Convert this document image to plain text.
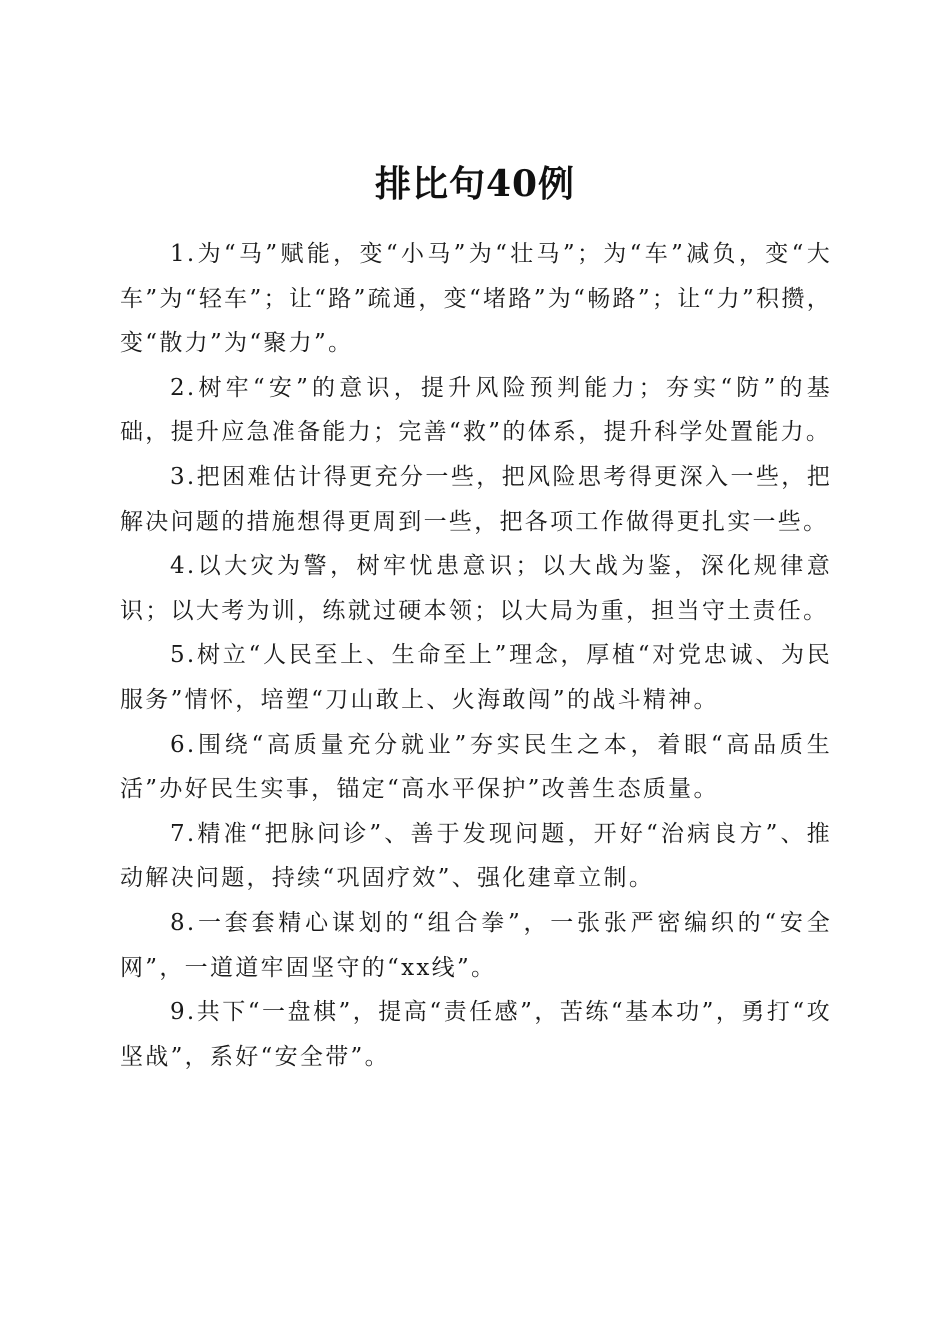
排比句40例

1.为“马”赋能，变“小马”为“壮马”；为“车”减负，变“大车”为“轻车”；让“路”疏通，变“堵路”为“畅路”；让“力”积攒，变“散力”为“聚力”。

2.树牢“安”的意识，提升风险预判能力；夯实“防”的基础，提升应急准备能力；完善“救”的体系，提升科学处置能力。

3.把困难估计得更充分一些，把风险思考得更深入一些，把解决问题的措施想得更周到一些，把各项工作做得更扎实一些。

4.以大灾为警，树牢忧患意识；以大战为鉴，深化规律意识；以大考为训，练就过硬本领；以大局为重，担当守土责任。

5.树立“人民至上、生命至上”理念，厚植“对党忠诚、为民服务”情怀，培塑“刀山敢上、火海敢闯”的战斗精神。

6.围绕“高质量充分就业”夯实民生之本，着眼“高品质生活”办好民生实事，锚定“高水平保护”改善生态质量。

7.精准“把脉问诊”、善于发现问题，开好“治病良方”、推动解决问题，持续“巩固疗效”、强化建章立制。

8.一套套精心谋划的“组合拳”，一张张严密编织的“安全网”，一道道牢固坚守的“xx线”。

9.共下“一盘棋”，提高“责任感”，苦练“基本功”，勇打“攻坚战”，系好“安全带”。
